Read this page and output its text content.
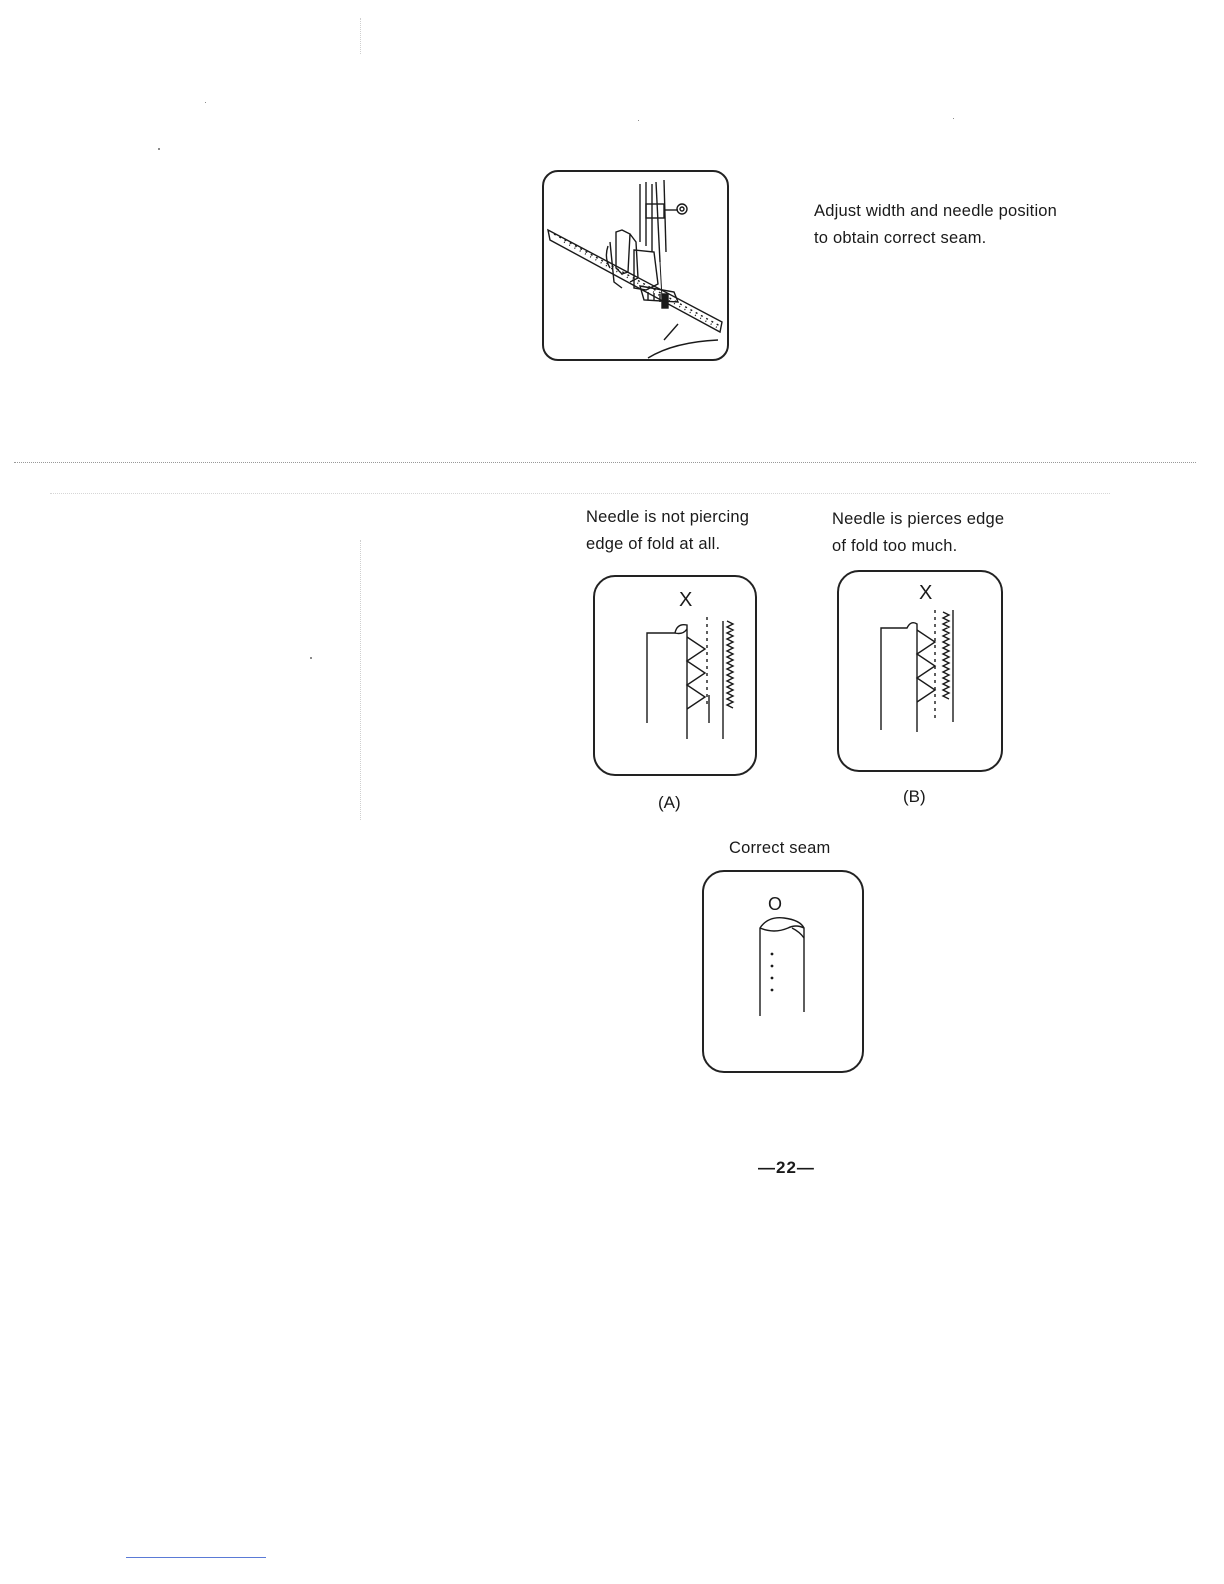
Adjust width and needle position
to obtain correct seam.
Needle is not piercing
edge of fold at all.
X
(A)
Needle is pierces edge
of fold too much.
X
(B)
Correct seam
O
—22—
